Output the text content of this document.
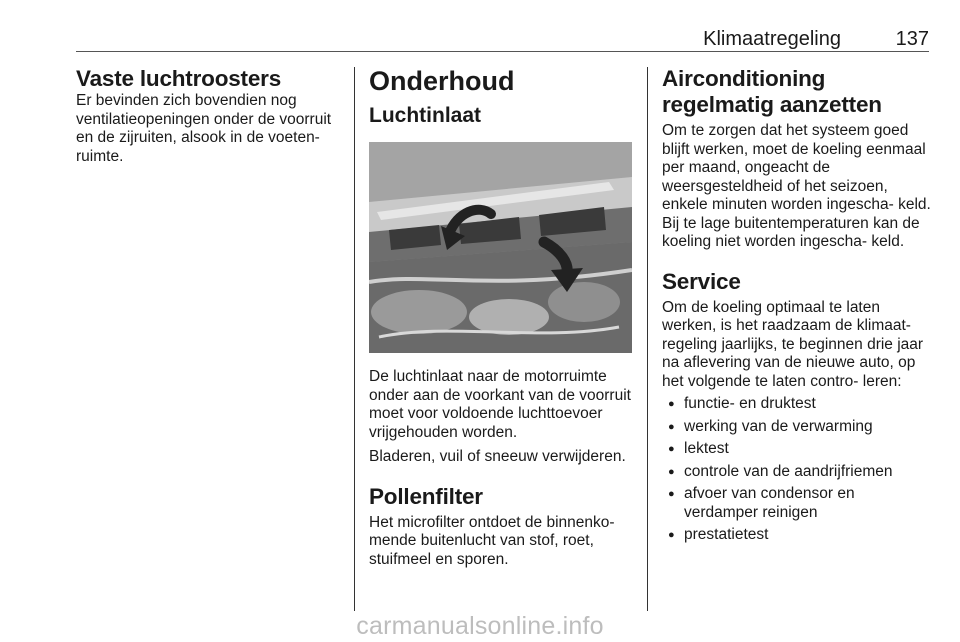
Klimaatregeling	137
Vaste luchtroosters

Er bevinden zich bovendien nog ventilatieopeningen onder de voorruit en de zijruiten, alsook in de voeten- ruimte.

Onderhoud
Luchtinlaat

De luchtinlaat naar de motorruimte onder aan de voorkant van de voorruit moet voor voldoende luchttoevoer vrijgehouden worden.

Bladeren, vuil of sneeuw verwijderen.

Pollenfilter

Het microfilter ontdoet de binnenko- mende buitenlucht van stof, roet, stuifmeel en sporen.

Airconditioning regelmatig aanzetten

Om te zorgen dat het systeem goed blijft werken, moet de koeling eenmaal per maand, ongeacht de weersgesteldheid of het seizoen, enkele minuten worden ingescha- keld. Bij te lage buitentemperaturen kan de koeling niet worden ingescha- keld.

Service

Om de koeling optimaal te laten werken, is het raadzaam de klimaat- regeling jaarlijks, te beginnen drie jaar na aflevering van de nieuwe auto, op het volgende te laten contro- leren:

● functie- en druktest
● werking van de verwarming
● lektest
● controle van de aandrijfriemen
● afvoer van condensor en verdamper reinigen
● prestatietest
carmanualsonline.info
